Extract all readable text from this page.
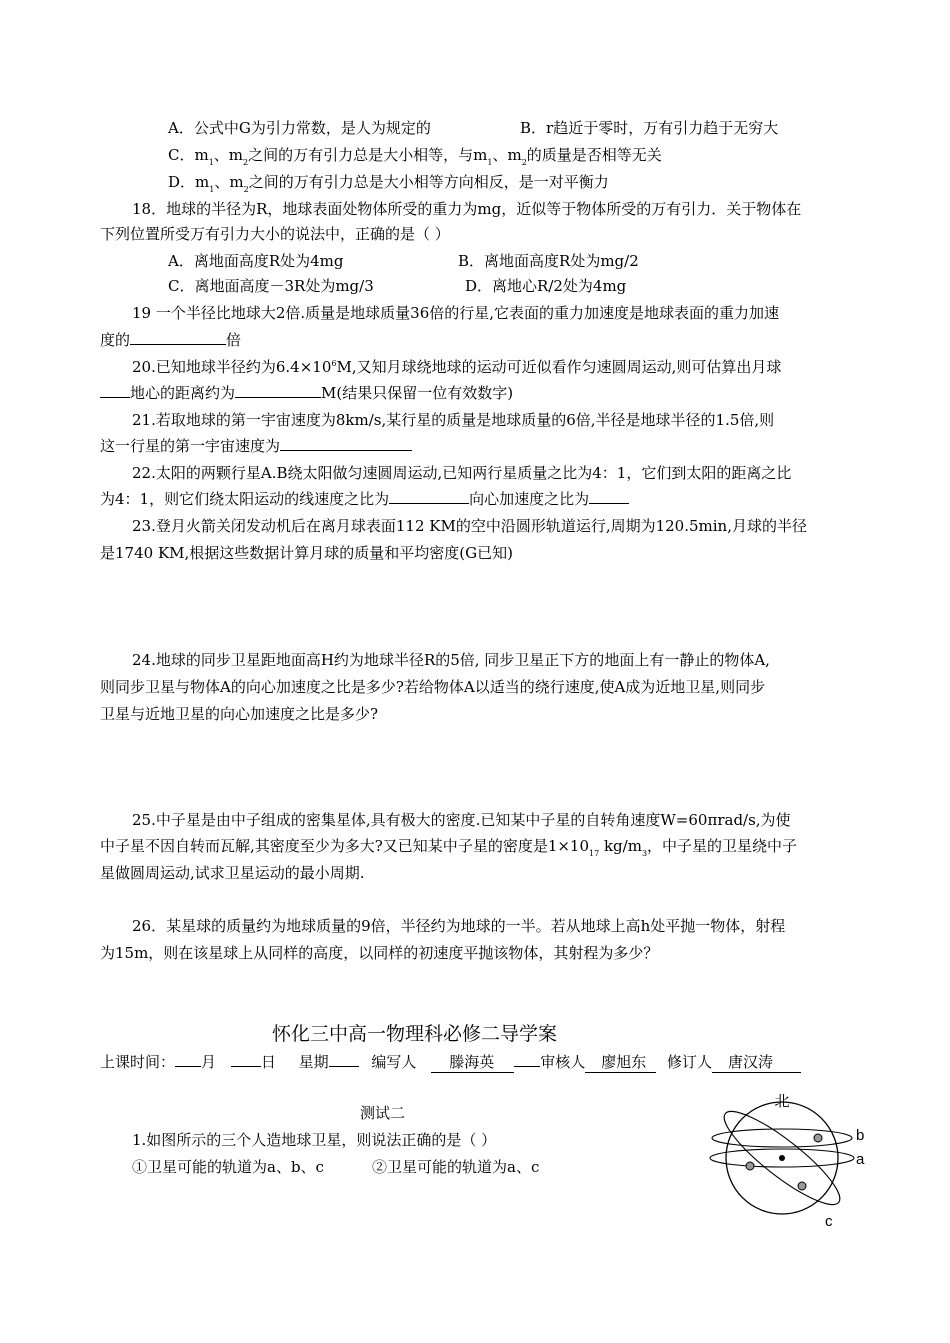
A．公式中G为引力常数，是人为规定的	B．r趋近于零时，万有引力趋于无穷大
C．$m_1$、$m_2$之间的万有引力总是大小相等，与$m_1$、$m_2$的质量是否相等无关
D．$m_1$、$m_2$之间的万有引力总是大小相等方向相反，是一对平衡力
18．地球的半径为R，地球表面处物体所受的重力为mg，近似等于物体所受的万有引力．关于物体在
下列位置所受万有引力大小的说法中，正确的是（ ）
A．离地面高度R处为4mg	B．离地面高度R处为mg/2
C．离地面高度－3R处为mg/3	D．离地心R/2处为4mg
19 一个半径比地球大2倍.质量是地球质量36倍的行星,它表面的重力加速度是地球表面的重力加速
度的	倍
20.已知地球半径约为$6.4\times 10^6M$,又知月球绕地球的运动可近似看作匀速圆周运动,则可估算出月球
地心的距离约为	M(结果只保留一位有效数字)
21.若取地球的第一宇宙速度为8km/s,某行星的质量是地球质量的6倍,半径是地球半径的1.5倍,则
这一行星的第一宇宙速度为
22.太阳的两颗行星A.B绕太阳做匀速圆周运动,已知两行星质量之比为4：1，它们到太阳的距离之比
为4：1，则它们绕太阳运动的线速度之比为	向心加速度之比为
23.登月火箭关闭发动机后在离月球表面112 KM的空中沿圆形轨道运行,周期为120.5min,月球的半径
是1740 KM,根据这些数据计算月球的质量和平均密度(G已知)
24.地球的同步卫星距地面高H约为地球半径R的5倍, 同步卫星正下方的地面上有一静止的物体A,
则同步卫星与物体A的向心加速度之比是多少?若给物体A以适当的绕行速度,使A成为近地卫星,则同步
卫星与近地卫星的向心加速度之比是多少?
25.中子星是由中子组成的密集星体,具有极大的密度.已知某中子星的自转角速度W=60πrad/s,为使
中子星不因自转而瓦解,其密度至少为多大?又已知某中子星的密度是$1\times 10_{17}$ $kg/m_3$，中子星的卫星绕中子
星做圆周运动,试求卫星运动的最小周期.
26．某星球的质量约为地球质量的9倍，半径约为地球的一半。若从地球上高h处平抛一物体，射程
为15m，则在该星球上从同样的高度，以同样的初速度平抛该物体，其射程为多少？
怀化三中高一物理科必修二导学案
上课时间： 月	日 星期	编写人 滕海英	审核人 廖旭东 修订人 唐汉涛
测试二
1.如图所示的三个人造地球卫星，则说法正确的是（ ）
①卫星可能的轨道为a、b、c	②卫星可能的轨道为a、c
北
b
a
c
